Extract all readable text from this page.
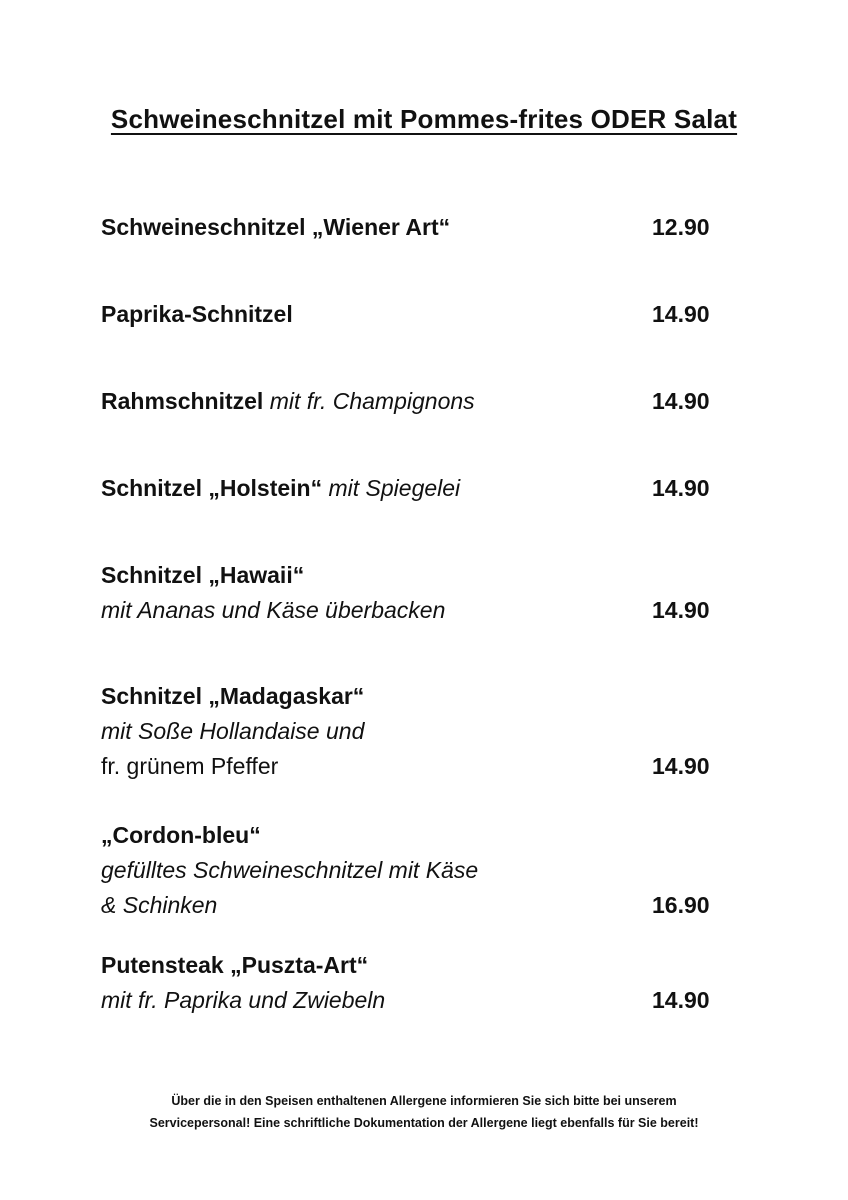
Schweineschnitzel mit Pommes-frites ODER Salat
Schweineschnitzel „Wiener Art“	12.90
Paprika-Schnitzel	14.90
Rahmschnitzel mit fr. Champignons	14.90
Schnitzel „Holstein“ mit Spiegelei	14.90
Schnitzel „Hawaii“
mit Ananas und Käse überbacken	14.90
Schnitzel „Madagaskar“
mit Soße Hollandaise und
fr. grünem Pfeffer	14.90
„Cordon-bleu“
gefülltes Schweineschnitzel mit Käse
& Schinken	16.90
Putensteak „Puszta-Art“
mit fr. Paprika und Zwiebeln	14.90
Über die in den Speisen enthaltenen Allergene informieren Sie sich bitte bei unserem
Servicepersonal! Eine schriftliche Dokumentation der Allergene liegt ebenfalls für Sie bereit!
